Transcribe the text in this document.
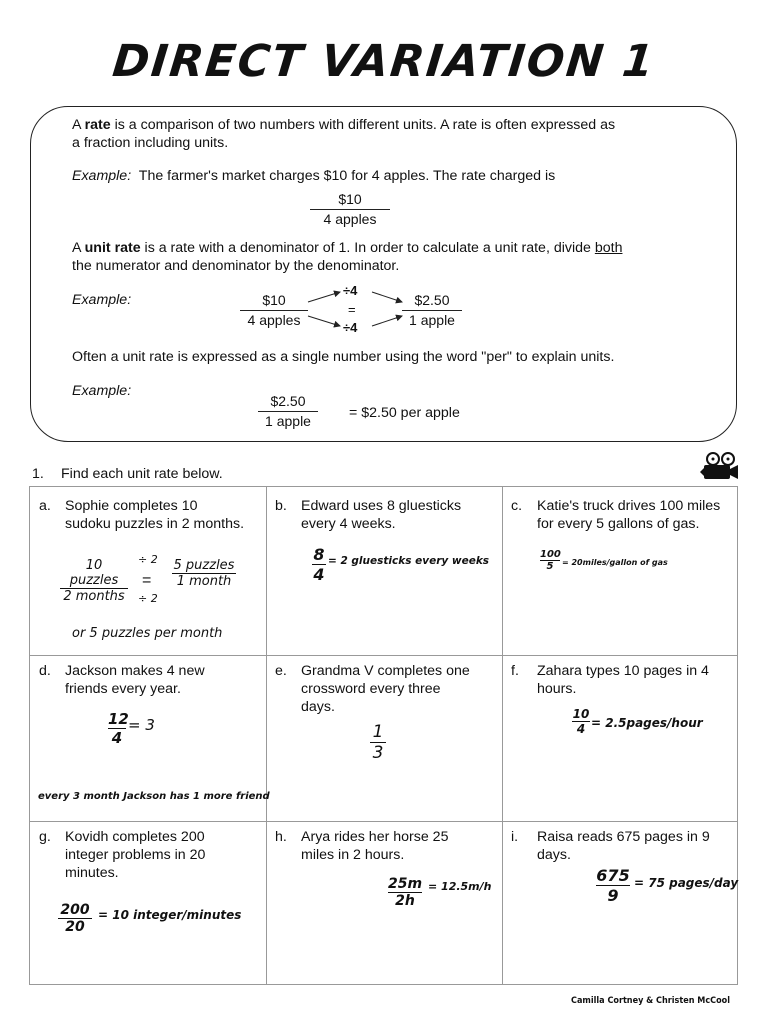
DIRECT VARIATION 1
A rate is a comparison of two numbers with different units. A rate is often expressed as
a fraction including units.
Example: The farmer's market charges $10 for 4 apples. The rate charged is
$10
4 apples
A unit rate is a rate with a denominator of 1. In order to calculate a unit rate, divide both
the numerator and denominator by the denominator.
Example:	$10
4 apples
÷4
=
÷4
$2.50
1 apple
Often a unit rate is expressed as a single number using the word "per" to explain units.
Example:
$2.50
1 apple	= $2.50 per apple
1. Find each unit rate below.
a. Sophie completes 10
sudoku puzzles in 2 months.
10 puzzles
2 months
÷ 2
=
÷ 2
5 puzzles
1 month
or 5 puzzles per month
b. Edward uses 8 gluesticks
every 4 weeks.
8
4
= 2 gluesticks every weeks
c. Katie's truck drives 100 miles
for every 5 gallons of gas.
100
5	= 20miles/gallon of gas
d. Jackson makes 4 new
friends every year.
12
4
= 3
every 3 month Jackson has 1 more friend
e. Grandma V completes one
crossword every three
days.
1
3
f. Zahara types 10 pages in 4
hours.
10
4 = 2.5pages/hour
g. Kovidh completes 200
integer problems in 20
minutes.
200
20
= 10 integer/minutes
h. Arya rides her horse 25
miles in 2 hours.
25m
2h
= 12.5m/h
i. Raisa reads 675 pages in 9
days.
675
9
= 75 pages/day
Camilla Cortney & Christen McCool
